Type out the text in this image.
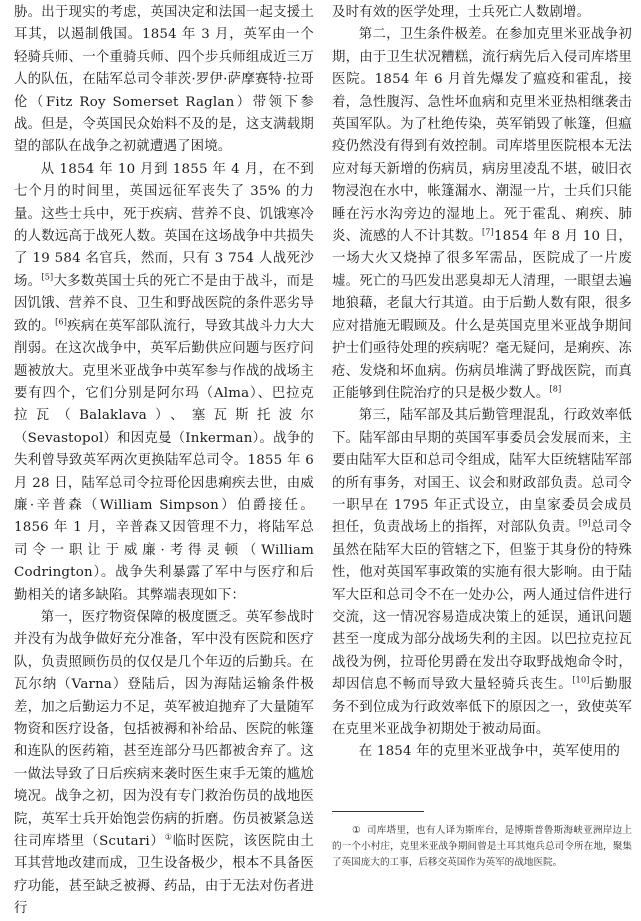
胁。出于现实的考虑，英国决定和法国一起支援土耳其，以遏制俄国。1854 年 3 月，英军由一个轻骑兵师、一个重骑兵师、四个步兵师组成近三万人的队伍，在陆军总司令菲茨·罗伊·萨摩赛特·拉哥伦（Fitz Roy Somerset Raglan）带领下参战。但是，令英国民众始料不及的是，这支满载期望的部队在战争之初就遭遇了困境。

从 1854 年 10 月到 1855 年 4 月，在不到七个月的时间里，英国远征军丧失了 35% 的力量。这些士兵中，死于疾病、营养不良、饥饿寒冷的人数远高于战死人数。英国在这场战争中共损失了 19 584 名官兵，然而，只有 3 754 人战死沙场。[5]大多数英国士兵的死亡不是由于战斗，而是因饥饿、营养不良、卫生和野战医院的条件恶劣导致的。[6]疾病在英军部队流行，导致其战斗力大大削弱。在这次战争中，英军后勤供应问题与医疗问题被放大。克里米亚战争中英军参与作战的战场主要有四个，它们分别是阿尔玛（Alma）、巴拉克拉瓦（Balaklava）、塞瓦斯托波尔（Sevastopol）和因克曼（Inkerman）。战争的失利曾导致英军两次更换陆军总司令。1855 年 6 月 28 日，陆军总司令拉哥伦因患痢疾去世，由威廉·辛普森（William Simpson）伯爵接任。1856 年 1 月，辛普森又因管理不力，将陆军总司令一职让于威廉·考得灵顿（William Codrington）。战争失利暴露了军中与医疗和后勤相关的诸多缺陷。其弊端表现如下：

第一，医疗物资保障的极度匮乏。英军参战时并没有为战争做好充分准备，军中没有医院和医疗队，负责照顾伤员的仅仅是几个年迈的后勤兵。在瓦尔纳（Varna）登陆后，因为海陆运输条件极差，加之后勤运力不足，英军被迫抛弃了大量随军物资和医疗设备，包括被褥和补给品、医院的帐篷和连队的医药箱，甚至连部分马匹都被舍弃了。这一做法导致了日后疾病来袭时医生束手无策的尴尬境况。战争之初，因为没有专门救治伤员的战地医院，英军士兵开始饱尝伤病的折磨。伤员被紧急送往司库塔里（Scutari）①临时医院，该医院由土耳其营地改建而成，卫生设备极少，根本不具备医疗功能，甚至缺乏被褥、药品，由于无法对伤者进行

及时有效的医学处理，士兵死亡人数剧增。

第二，卫生条件极差。在参加克里米亚战争初期，由于卫生状况糟糕，流行病先后入侵司库塔里医院。1854 年 6 月首先爆发了瘟疫和霍乱，接着，急性腹泻、急性坏血病和克里米亚热相继袭击英国军队。为了杜绝传染，英军销毁了帐篷，但瘟疫仍然没有得到有效控制。司库塔里医院根本无法应对每天新增的伤病员，病房里凌乱不堪，破旧衣物浸泡在水中，帐篷漏水、潮湿一片，士兵们只能睡在污水沟旁边的湿地上。死于霍乱、痢疾、肺炎、流感的人不计其数。[7]1854 年 8 月 10 日，一场大火又烧掉了很多军需品，医院成了一片废墟。死亡的马匹发出恶臭却无人清理，一眼望去遍地狼藉，老鼠大行其道。由于后勤人数有限，很多应对措施无暇顾及。什么是英国克里米亚战争期间护士们亟待处理的疾病呢？毫无疑问，是痢疾、冻疮、发烧和坏血病。伤病员堆满了野战医院，而真正能够到住院治疗的只是极少数人。[8]

第三，陆军部及其后勤管理混乱，行政效率低下。陆军部由早期的英国军事委员会发展而来，主要由陆军大臣和总司令组成，陆军大臣统辖陆军部的所有事务，对国王、议会和财政部负责。总司令一职早在 1795 年正式设立，由皇家委员会成员担任，负责战场上的指挥，对部队负责。[9]总司令虽然在陆军大臣的管辖之下，但鉴于其身份的特殊性，他对英国军事政策的实施有很大影响。由于陆军大臣和总司令不在一处办公，两人通过信件进行交流，这一情况容易造成决策上的延误，通讯问题甚至一度成为部分战场失利的主因。以巴拉克拉瓦战役为例，拉哥伦男爵在发出夺取野战炮命令时，却因信息不畅而导致大量轻骑兵丧生。[10]后勤服务不到位成为行政效率低下的原因之一，致使英军在克里米亚战争初期处于被动局面。

在 1854 年的克里米亚战争中，英军使用的

① 司库塔里，也有人译为斯库台，是博斯普鲁斯海峡亚洲岸边上的一个小村庄，克里米亚战争期间曾是土耳其炮兵总司令所在地，聚集了英国庞大的工事，后移交英国作为英军的战地医院。
